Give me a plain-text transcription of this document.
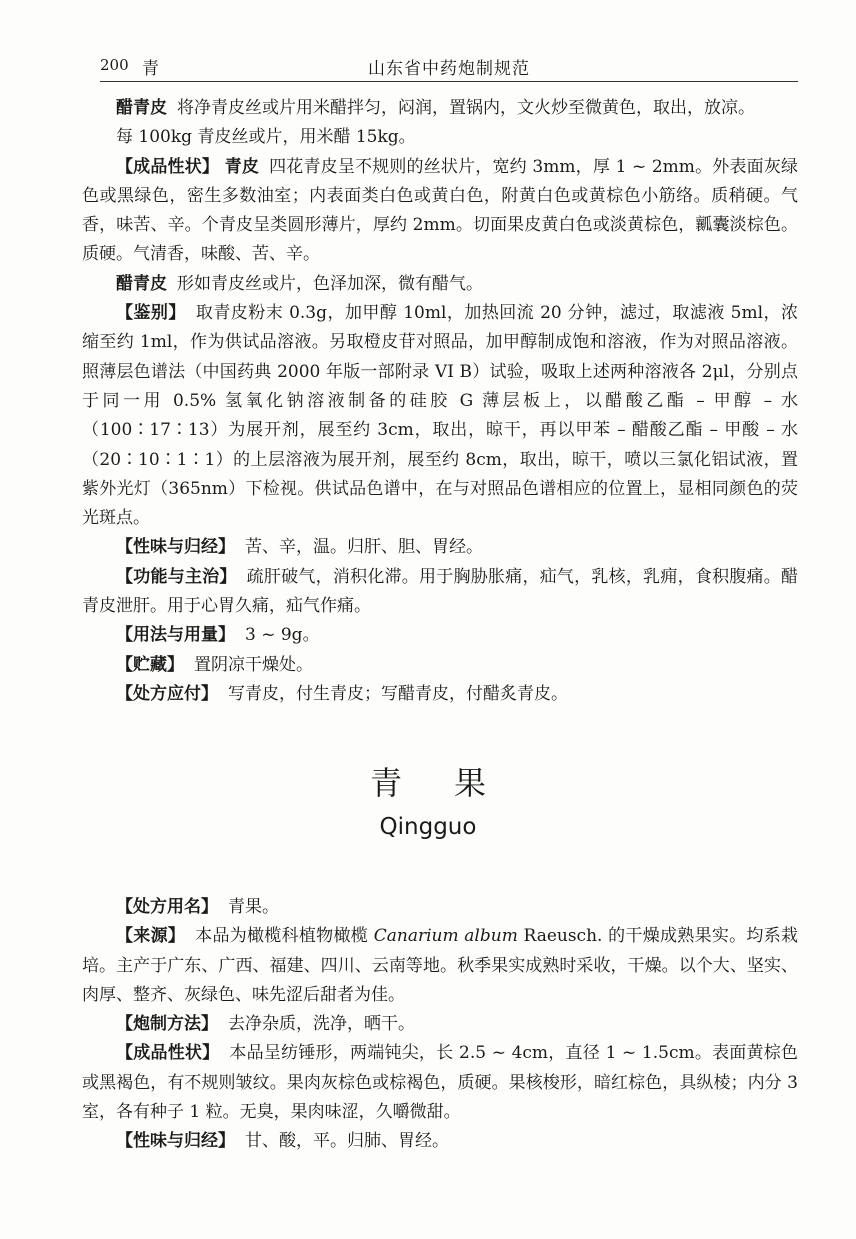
200 青	山东省中药炮制规范

醋青皮 将净青皮丝或片用米醋拌匀，闷润，置锅内，文火炒至微黄色，取出，放凉。

每 100kg 青皮丝或片，用米醋 15kg。

【成品性状】 青皮 四花青皮呈不规则的丝状片，宽约 3mm，厚 1 ~ 2mm。外表面灰绿色或黑绿色，密生多数油室；内表面类白色或黄白色，附黄白色或黄棕色小筋络。质稍硬。气香，味苦、辛。个青皮呈类圆形薄片，厚约 2mm。切面果皮黄白色或淡黄棕色，瓤囊淡棕色。质硬。气清香，味酸、苦、辛。

醋青皮 形如青皮丝或片，色泽加深，微有醋气。

【鉴别】 取青皮粉末 0.3g，加甲醇 10ml，加热回流 20 分钟，滤过，取滤液 5ml，浓缩至约 1ml，作为供试品溶液。另取橙皮苷对照品，加甲醇制成饱和溶液，作为对照品溶液。照薄层色谱法（中国药典 2000 年版一部附录 VI B）试验，吸取上述两种溶液各 2μl，分别点于同一用 0.5% 氢氧化钠溶液制备的硅胶 G 薄层板上，以醋酸乙酯 – 甲醇 – 水（100∶17∶13）为展开剂，展至约 3cm，取出，晾干，再以甲苯 – 醋酸乙酯 – 甲酸 – 水（20∶10∶1∶1）的上层溶液为展开剂，展至约 8cm，取出，晾干，喷以三氯化铝试液，置紫外光灯（365nm）下检视。供试品色谱中，在与对照品色谱相应的位置上，显相同颜色的荧光斑点。

【性味与归经】 苦、辛，温。归肝、胆、胃经。

【功能与主治】 疏肝破气，消积化滞。用于胸胁胀痛，疝气，乳核，乳痈，食积腹痛。醋青皮泄肝。用于心胃久痛，疝气作痛。

【用法与用量】 3 ~ 9g。

【贮藏】 置阴凉干燥处。

【处方应付】 写青皮，付生青皮；写醋青皮，付醋炙青皮。

青果
Qingguo

【处方用名】 青果。

【来源】 本品为橄榄科植物橄榄 Canarium album Raeusch. 的干燥成熟果实。均系栽培。主产于广东、广西、福建、四川、云南等地。秋季果实成熟时采收，干燥。以个大、坚实、肉厚、整齐、灰绿色、味先涩后甜者为佳。

【炮制方法】 去净杂质，洗净，晒干。

【成品性状】 本品呈纺锤形，两端钝尖，长 2.5 ~ 4cm，直径 1 ~ 1.5cm。表面黄棕色或黑褐色，有不规则皱纹。果肉灰棕色或棕褐色，质硬。果核梭形，暗红棕色，具纵棱；内分 3 室，各有种子 1 粒。无臭，果肉味涩，久嚼微甜。

【性味与归经】 甘、酸，平。归肺、胃经。
